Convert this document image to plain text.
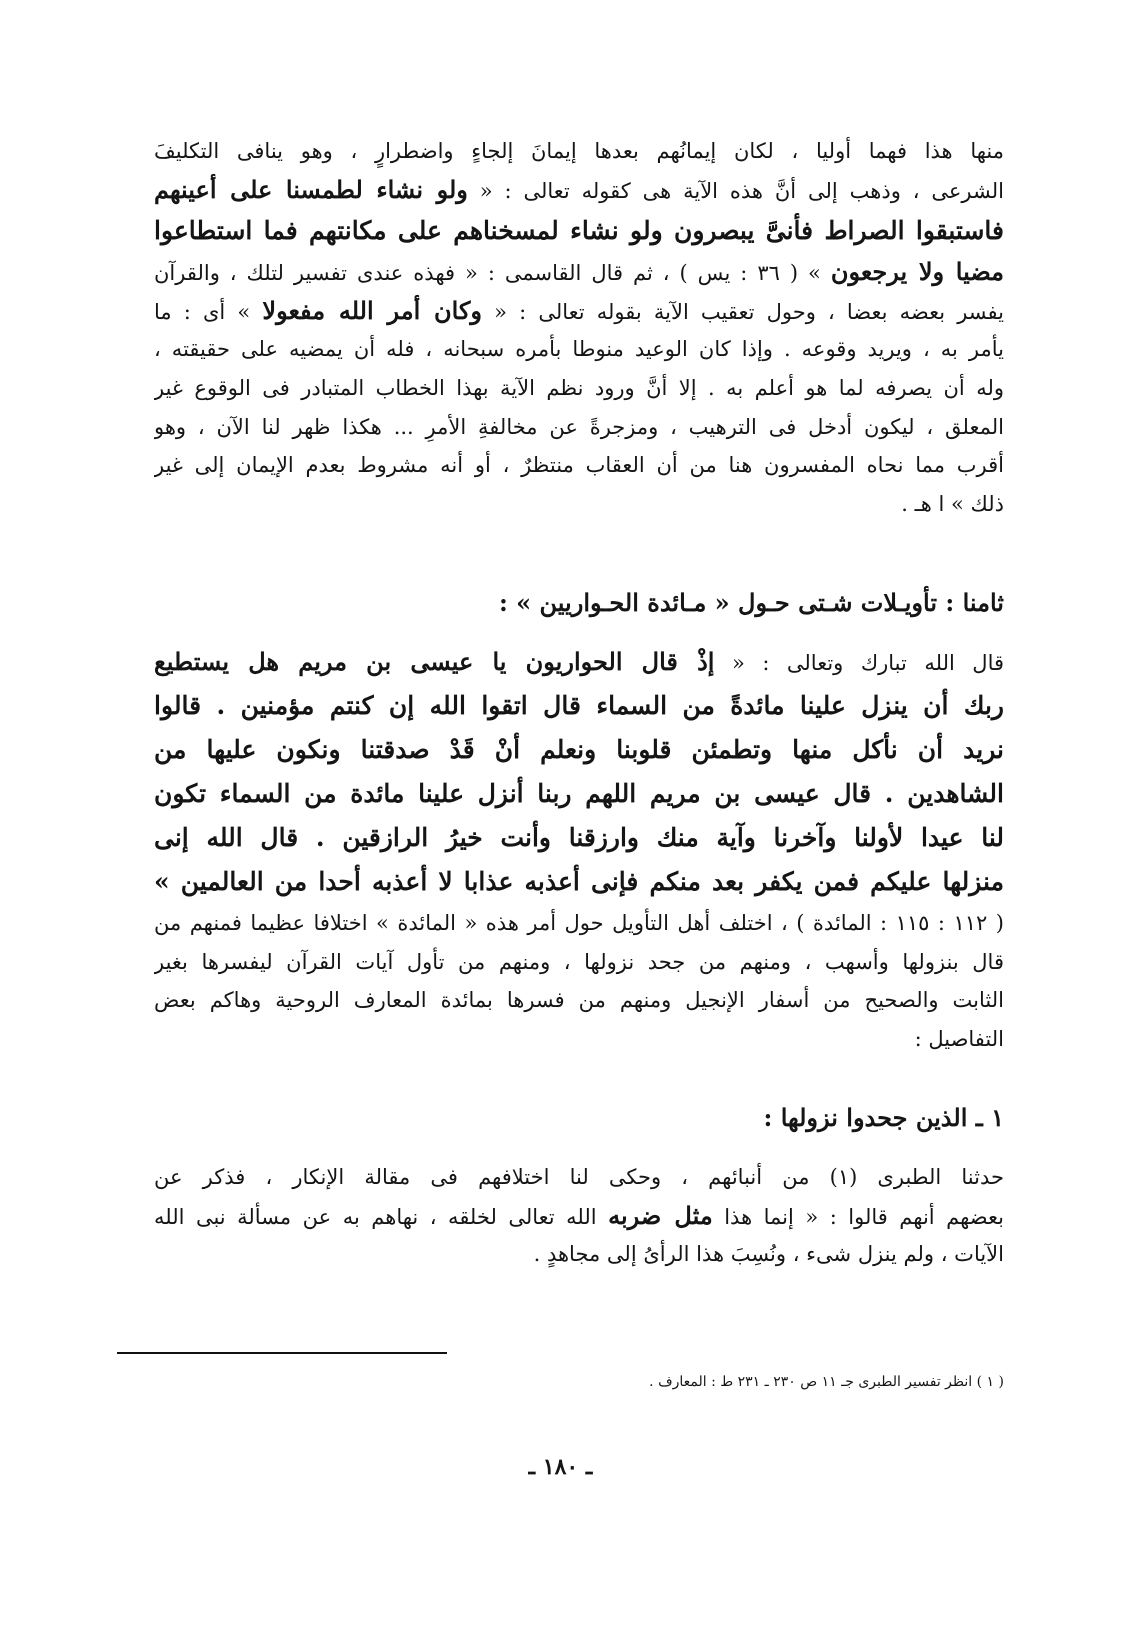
منها هذا فهما أوليا ، لكان إيمانُهم بعدها إيمانَ إلجاءٍ واضطرارٍ ، وهو ينافى التكليفَ
الشرعى ، وذهب إلى أنَّ هذه الآية هى كقوله تعالى : « ولو نشاء لطمسنا على أعينهم
فاستبقوا الصراط فأنىَّ يبصرون ولو نشاء لمسخناهم على مكانتهم فما استطاعوا
مضيا ولا يرجعون » ( ٣٦ : يس ) ، ثم قال القاسمى : « فهذه عندى تفسير لتلك ، والقرآن
يفسر بعضه بعضا ، وحول تعقيب الآية بقوله تعالى : « وكان أمر الله مفعولا » أى : ما
يأمر به ، ويريد وقوعه . وإذا كان الوعيد منوطا بأمره سبحانه ، فله أن يمضيه على حقيقته ،
وله أن يصرفه لما هو أعلم به . إلا أنَّ ورود نظم الآية بهذا الخطاب المتبادر فى الوقوع غير
المعلق ، ليكون أدخل فى الترهيب ، ومزجرةً عن مخالفةِ الأمرِ ... هكذا ظهر لنا الآن ، وهو
أقرب مما نحاه المفسرون هنا من أن العقاب منتظرٌ ، أو أنه مشروط بعدم الإيمان إلى غير
ذلك » ا هـ .
ثامنا : تأويـلات شـتى حـول « مـائدة الحـواريين » :
قال الله تبارك وتعالى : « إذْ قال الحواريون يا عيسى بن مريم هل يستطيع
ربك أن ينزل علينا مائدةً من السماء قال اتقوا الله إن كنتم مؤمنين . قالوا
نريد أن نأكل منها وتطمئن قلوبنا ونعلم أنْ قَدْ صدقتنا ونكون عليها من
الشاهدين . قال عيسى بن مريم اللهم ربنا أنزل علينا مائدة من السماء تكون
لنا عيدا لأولنا وآخرنا وآية منك وارزقنا وأنت خيرُ الرازقين . قال الله إنى
منزلها عليكم فمن يكفر بعد منكم فإنى أعذبه عذابا لا أعذبه أحدا من العالمين »
( ١١٢ : ١١٥ : المائدة ) ، اختلف أهل التأويل حول أمر هذه « المائدة » اختلافا عظيما فمنهم من
قال بنزولها وأسهب ، ومنهم من جحد نزولها ، ومنهم من تأول آيات القرآن ليفسرها بغير
الثابت والصحيح من أسفار الإنجيل ومنهم من فسرها بمائدة المعارف الروحية وهاكم بعض
التفاصيل :
١ ـ الذين جحدوا نزولها :
حدثنا الطبرى (١) من أنبائهم ، وحكى لنا اختلافهم فى مقالة الإنكار ، فذكر عن
بعضهم أنهم قالوا : « إنما هذا مثل ضربه الله تعالى لخلقه ، نهاهم به عن مسألة نبى الله
الآيات ، ولم ينزل شىء ، ونُسِبَ هذا الرأىُ إلى مجاهدٍ .
( ١ ) انظر تفسير الطبرى جـ ١١ ص ٢٣٠ ـ ٢٣١ ط : المعارف .
ـ ١٨٠ ـ
